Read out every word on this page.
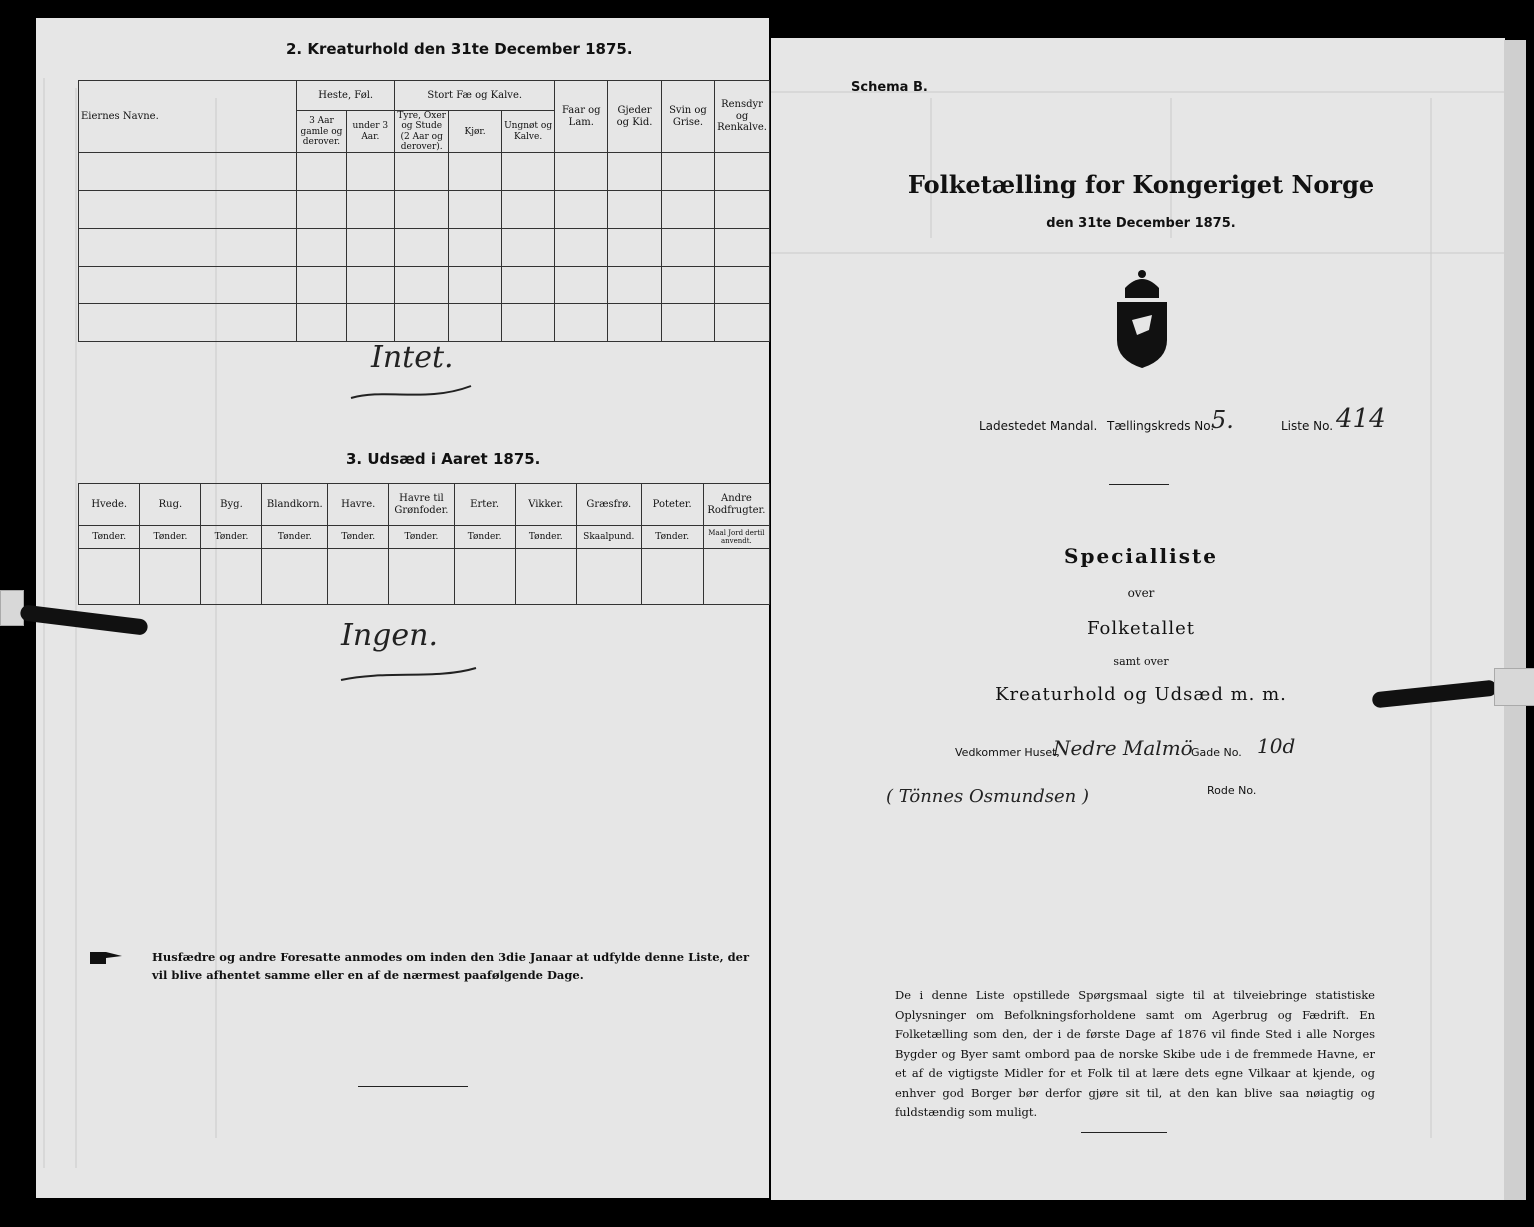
2. Kreaturhold den 31te December 1875.
Eiernes Navne.	Heste, Føl.		Stort Fæ og Kalve.			Faar og Lam.	Gjeder og Kid.	Svin og Grise.	Rensdyr og Renkalve.
	3 Aar gamle og derover.	under 3 Aar.	Tyre, Oxer og Stude (2 Aar og derover).	Kjør.	Ungnøt og Kalve.				

Intet.
3. Udsæd i Aaret 1875.
Hvede.	Rug.	Byg.	Blandkorn.	Havre.	Havre til Grønfoder.	Erter.	Vikker.	Græsfrø.	Poteter.	Andre Rodfrugter.
Tønder.	Tønder.	Tønder.	Tønder.	Tønder.	Tønder.	Tønder.	Tønder.	Skaalpund.	Tønder.	Maal Jord dertil anvendt.

Ingen.
Husfædre og andre Foresatte anmodes om inden den 3die Janaar at udfylde denne Liste, der vil blive afhentet samme eller en af de nærmest paafølgende Dage.
Schema B.
Folketælling for Kongeriget Norge
den 31te December 1875.
Ladestedet Mandal. Tællingskreds No.
5.	Liste No. 414
Specialliste
over
Folketallet
samt over
Kreaturhold og Udsæd m. m.
Vedkommer Huset,
Nedre Malmö
Gade No. 10d
( Tönnes Osmundsen )	Rode No.
De i denne Liste opstillede Spørgsmaal sigte til at tilveiebringe statistiske Oplysninger om Befolkningsforholdene samt om Agerbrug og Fædrift. En Folketælling som den, der i de første Dage af 1876 vil finde Sted i alle Norges Bygder og Byer samt ombord paa de norske Skibe ude i de fremmede Havne, er et af de vigtigste Midler for et Folk til at lære dets egne Vilkaar at kjende, og enhver god Borger bør derfor gjøre sit til, at den kan blive saa nøiagtig og fuldstændig som muligt.
